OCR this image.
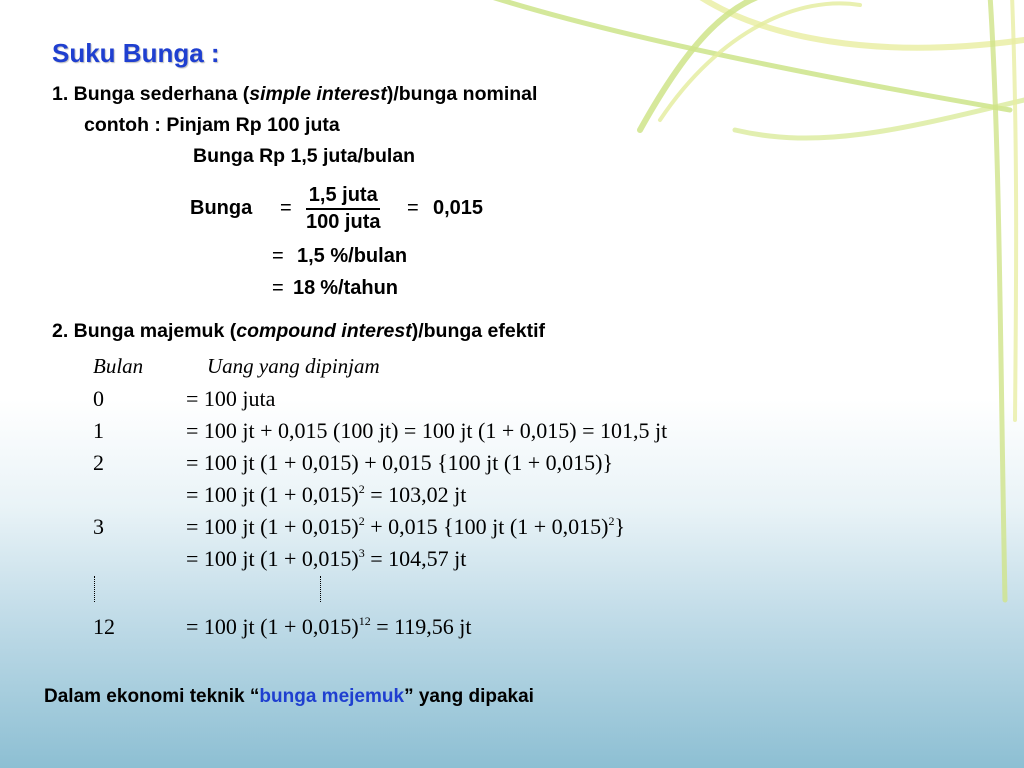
Suku Bunga :
1. Bunga sederhana (simple interest)/bunga nominal
contoh : Pinjam Rp 100 juta
Bunga Rp 1,5 juta/bulan
Bunga =
1,5 juta
100 juta
= 0,015
= 1,5 %/bulan
= 18 %/tahun
2. Bunga majemuk (compound interest)/bunga efektif
Bulan	Uang yang dipinjam
0	= 100 juta
1	= 100 jt + 0,015 (100 jt) = 100 jt (1 + 0,015) = 101,5 jt
2	= 100 jt (1 + 0,015) + 0,015 {100 jt (1 + 0,015)}
= 100 jt $(1 + 0,015)^2 = 103,02$ jt
3	= 100 jt $(1 + 0,015)^2 + 0,015$ {100 jt $(1 + 0,015)^2$}
= 100 jt $(1 + 0,015)^3 = 104,57$ jt
12	= 100 jt $(1 + 0,015)^{12} = 119,56$ jt
Dalam ekonomi teknik “bunga mejemuk” yang dipakai
